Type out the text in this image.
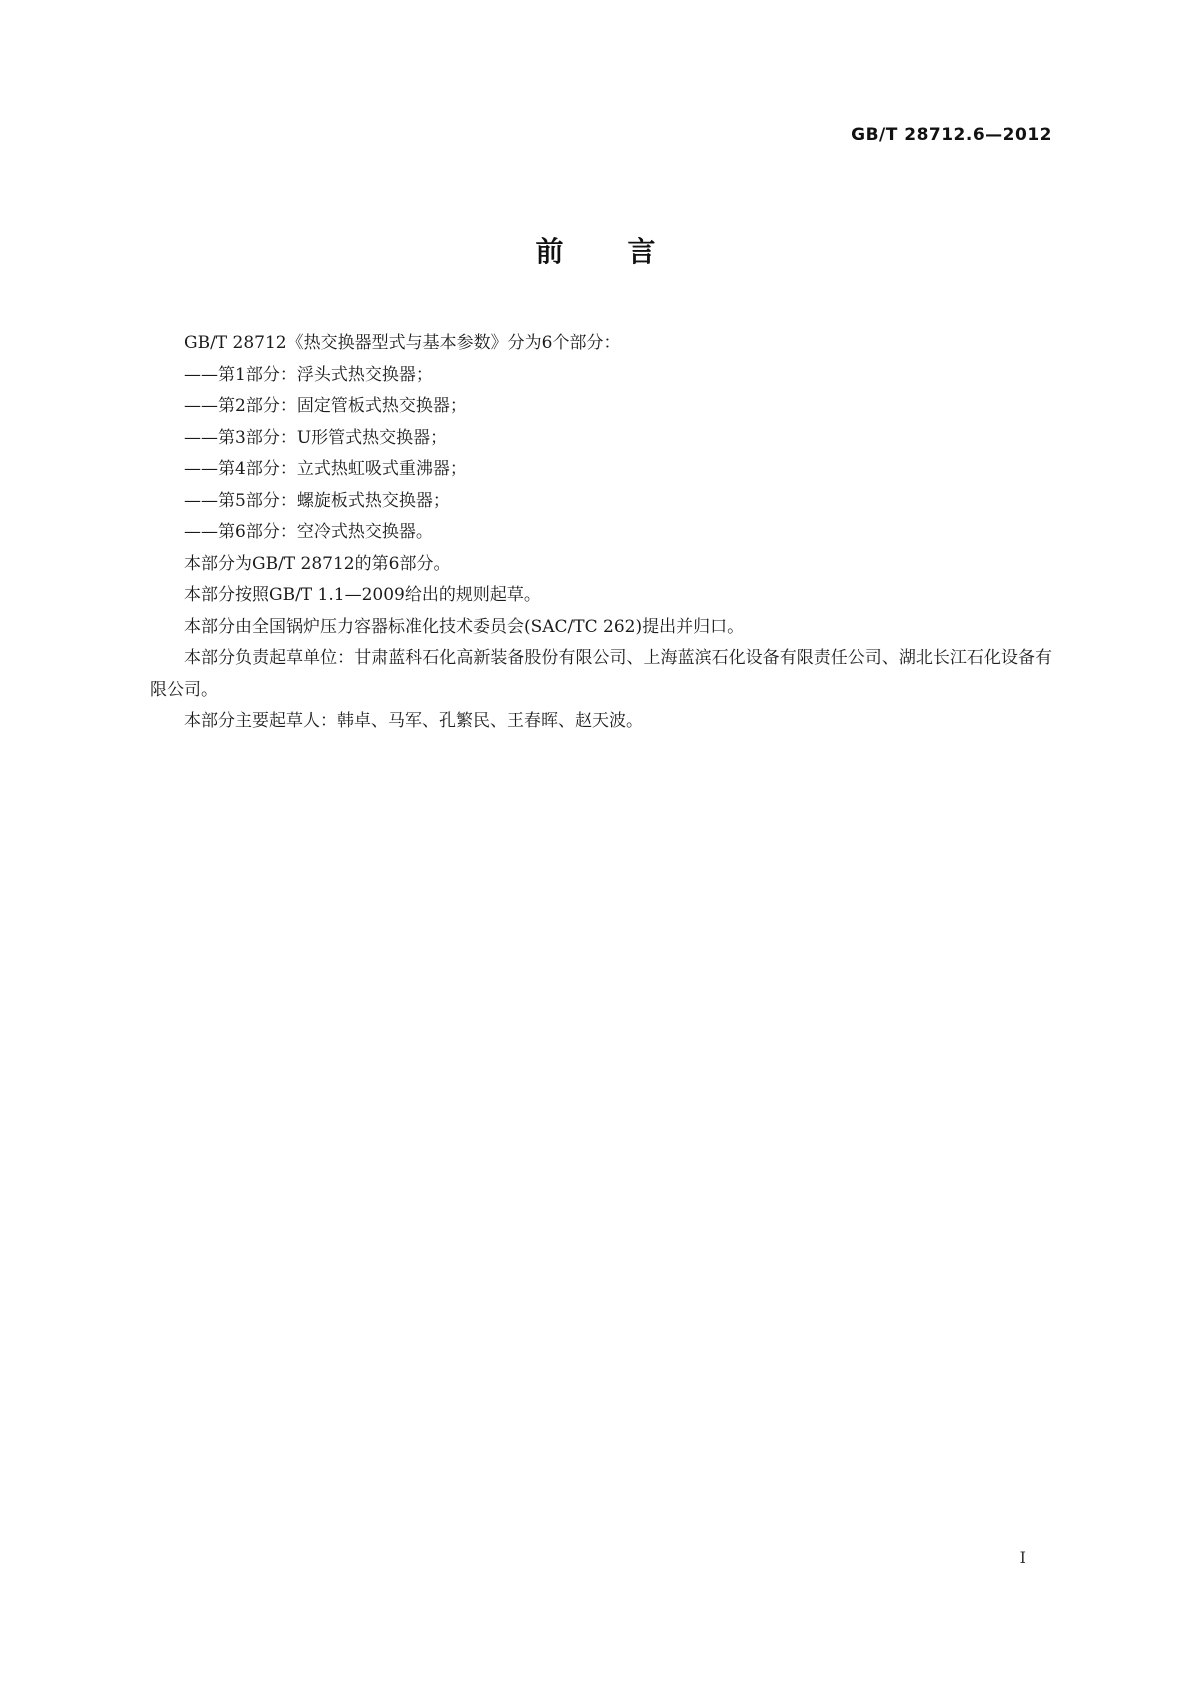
GB/T 28712.6—2012
前言

GB/T 28712《热交换器型式与基本参数》分为6个部分：

——第1部分：浮头式热交换器；

——第2部分：固定管板式热交换器；

——第3部分：U形管式热交换器；

——第4部分：立式热虹吸式重沸器；

——第5部分：螺旋板式热交换器；

——第6部分：空冷式热交换器。

本部分为GB/T 28712的第6部分。

本部分按照GB/T 1.1—2009给出的规则起草。

本部分由全国锅炉压力容器标准化技术委员会(SAC/TC 262)提出并归口。

本部分负责起草单位：甘肃蓝科石化高新装备股份有限公司、上海蓝滨石化设备有限责任公司、湖北长江石化设备有限公司。

本部分主要起草人：韩卓、马军、孔繁民、王春晖、赵天波。

I
